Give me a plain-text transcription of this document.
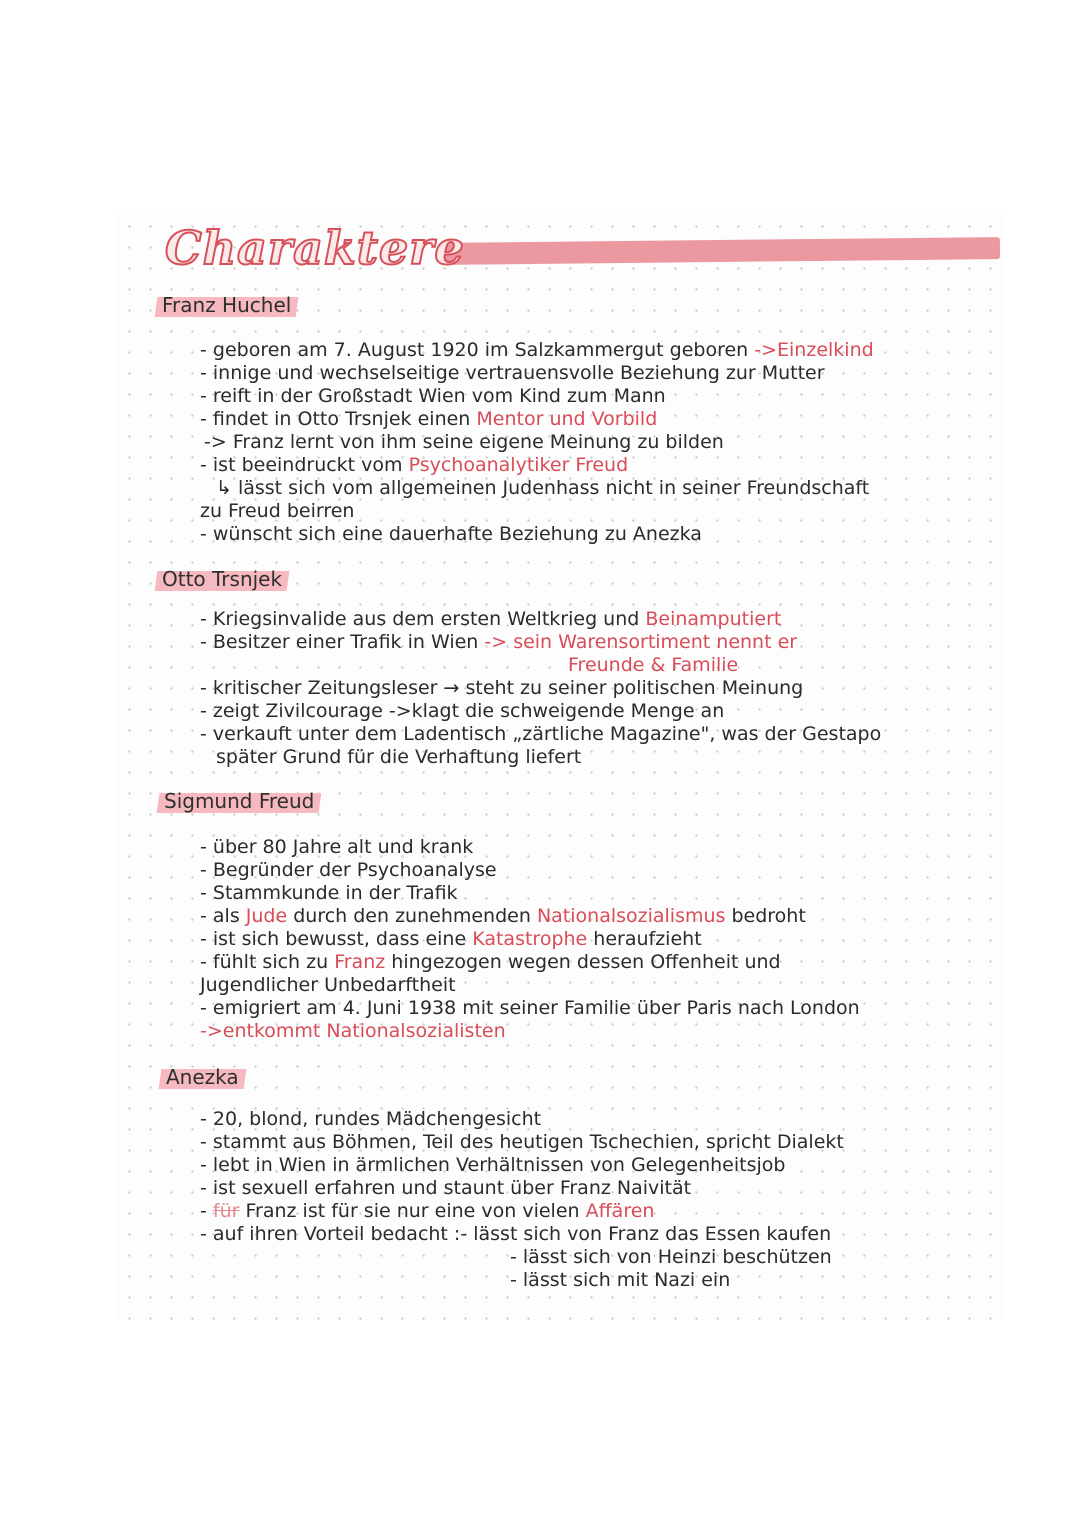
Charaktere
Franz Huchel
- geboren am 7. August 1920 im Salzkammergut geboren ->Einzelkind
- innige und wechselseitige vertrauensvolle Beziehung zur Mutter
- reift in der Großstadt Wien vom Kind zum Mann
- findet in Otto Trsnjek einen Mentor und Vorbild
-> Franz lernt von ihm seine eigene Meinung zu bilden
- ist beeindruckt vom Psychoanalytiker Freud
↳ lässt sich vom allgemeinen Judenhass nicht in seiner Freundschaft
zu Freud beirren
- wünscht sich eine dauerhafte Beziehung zu Anezka
Otto Trsnjek
- Kriegsinvalide aus dem ersten Weltkrieg und Beinamputiert
- Besitzer einer Trafik in Wien -> sein Warensortiment nennt er
Freunde & Familie
- kritischer Zeitungsleser → steht zu seiner politischen Meinung
- zeigt Zivilcourage ->klagt die schweigende Menge an
- verkauft unter dem Ladentisch „zärtliche Magazine", was der Gestapo
später Grund für die Verhaftung liefert
Sigmund Freud
- über 80 Jahre alt und krank
- Begründer der Psychoanalyse
- Stammkunde in der Trafik
- als Jude durch den zunehmenden Nationalsozialismus bedroht
- ist sich bewusst, dass eine Katastrophe heraufzieht
- fühlt sich zu Franz hingezogen wegen dessen Offenheit und
Jugendlicher Unbedarftheit
- emigriert am 4. Juni 1938 mit seiner Familie über Paris nach London
->entkommt Nationalsozialisten
Anezka
- 20, blond, rundes Mädchengesicht
- stammt aus Böhmen, Teil des heutigen Tschechien, spricht Dialekt
- lebt in Wien in ärmlichen Verhältnissen von Gelegenheitsjob
- ist sexuell erfahren und staunt über Franz Naivität
- für Franz ist für sie nur eine von vielen Affären
- auf ihren Vorteil bedacht :- lässt sich von Franz das Essen kaufen
- lässt sich von Heinzi beschützen
- lässt sich mit Nazi ein
